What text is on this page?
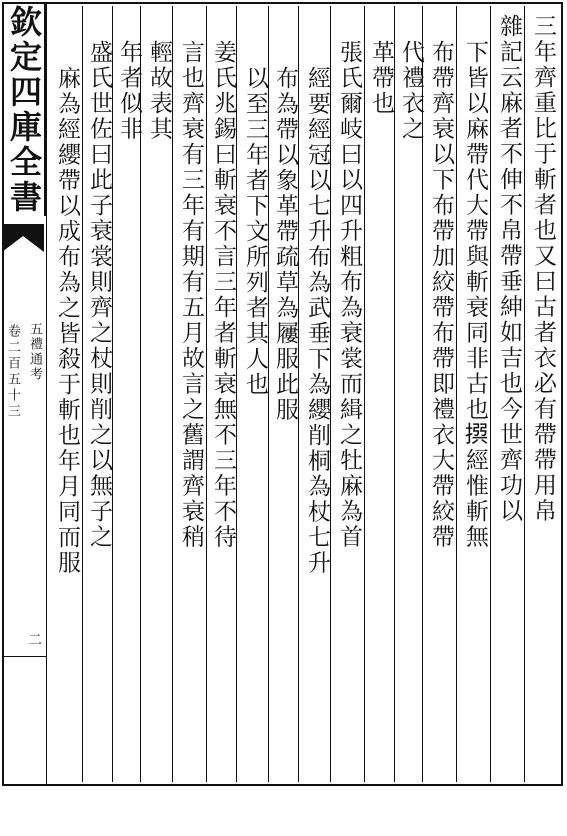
欽定四庫全書
卷二百五十三 五禮通考
二
三年齊重比于斬者也又曰古者衣必有帶帶用帛
雜記云麻者不伸不帛帶垂紳如吉也今世齊功以
下皆以麻帶代大帶與斬衰同非古也𢰅經惟斬無
布帶齊衰以下布帶加絞帶布帶即禮衣大帶絞帶
代禮衣之
革帶也
張氏爾岐曰以四升粗布為衰裳而緝之牡麻為首
經要經冠以七升布為武垂下為纓削桐為杖七升
布為帶以象革帶疏草為屨服此服
以至三年者下文所列者其人也
姜氏兆錫曰斬衰不言三年者斬衰無不三年不待
言也齊衰有三年有期有五月故言之舊謂齊衰稍
輕故表其
年者似非
盛氏世佐曰此子衰裳則齊之杖則削之以無子之
麻為經纓帶以成布為之皆殺于斬也年月同而服
